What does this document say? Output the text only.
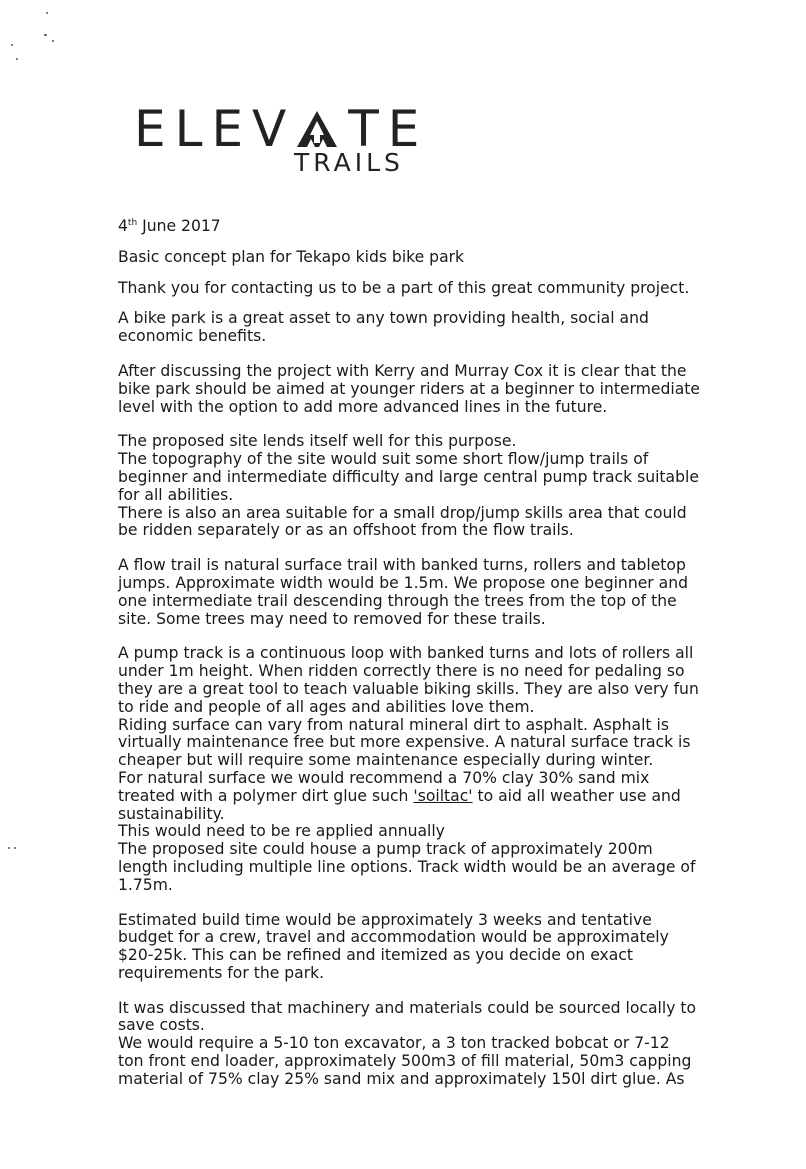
ELEV TE
TRAILS

4th June 2017

Basic concept plan for Tekapo kids bike park

Thank you for contacting us to be a part of this great community project.

A bike park is a great asset to any town providing health, social and
economic benefits.

After discussing the project with Kerry and Murray Cox it is clear that the
bike park should be aimed at younger riders at a beginner to intermediate
level with the option to add more advanced lines in the future.

The proposed site lends itself well for this purpose.
The topography of the site would suit some short flow/jump trails of
beginner and intermediate difficulty and large central pump track suitable
for all abilities.
There is also an area suitable for a small drop/jump skills area that could
be ridden separately or as an offshoot from the flow trails.

A flow trail is natural surface trail with banked turns, rollers and tabletop
jumps. Approximate width would be 1.5m. We propose one beginner and
one intermediate trail descending through the trees from the top of the
site. Some trees may need to removed for these trails.

A pump track is a continuous loop with banked turns and lots of rollers all
under 1m height. When ridden correctly there is no need for pedaling so
they are a great tool to teach valuable biking skills. They are also very fun
to ride and people of all ages and abilities love them.
Riding surface can vary from natural mineral dirt to asphalt. Asphalt is
virtually maintenance free but more expensive. A natural surface track is
cheaper but will require some maintenance especially during winter.
For natural surface we would recommend a 70% clay 30% sand mix
treated with a polymer dirt glue such 'soiltac' to aid all weather use and
sustainability.
This would need to be re applied annually
The proposed site could house a pump track of approximately 200m
length including multiple line options. Track width would be an average of
1.75m.

Estimated build time would be approximately 3 weeks and tentative
budget for a crew, travel and accommodation would be approximately
$20-25k. This can be refined and itemized as you decide on exact
requirements for the park.

It was discussed that machinery and materials could be sourced locally to
save costs.
We would require a 5-10 ton excavator, a 3 ton tracked bobcat or 7-12
ton front end loader, approximately 500m3 of fill material, 50m3 capping
material of 75% clay 25% sand mix and approximately 150l dirt glue. As
